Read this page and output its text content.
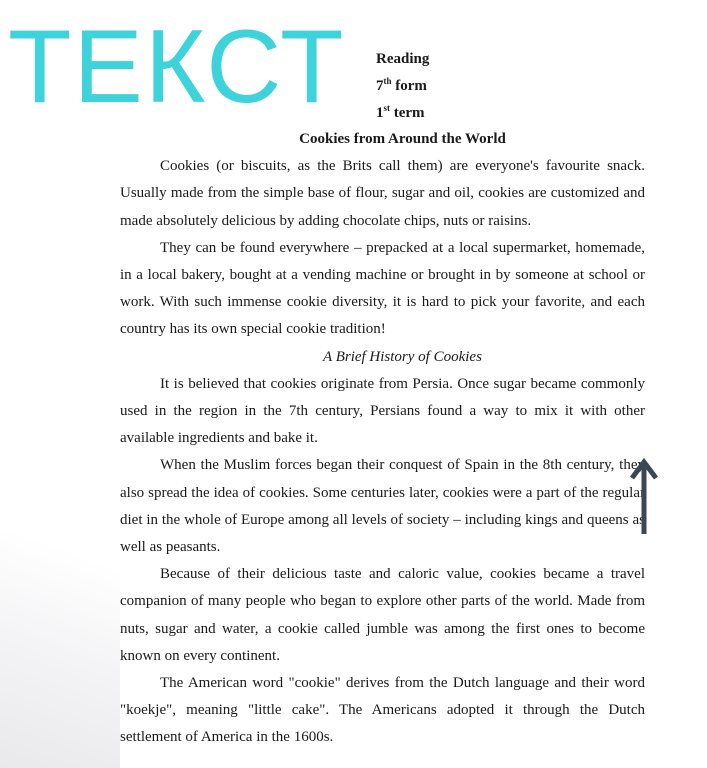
ТЕКСТ Reading
7th form
1st term

Cookies from Around the World

Cookies (or biscuits, as the Brits call them) are everyone's favourite snack. Usually made from the simple base of flour, sugar and oil, cookies are customized and made absolutely delicious by adding chocolate chips, nuts or raisins.

They can be found everywhere – prepacked at a local supermarket, homemade, in a local bakery, bought at a vending machine or brought in by someone at school or work. With such immense cookie diversity, it is hard to pick your favorite, and each country has its own special cookie tradition!

A Brief History of Cookies

It is believed that cookies originate from Persia. Once sugar became commonly used in the region in the 7th century, Persians found a way to mix it with other available ingredients and bake it.

When the Muslim forces began their conquest of Spain in the 8th century, they also spread the idea of cookies. Some centuries later, cookies were a part of the regular diet in the whole of Europe among all levels of society – including kings and queens as well as peasants.

Because of their delicious taste and caloric value, cookies became a travel companion of many people who began to explore other parts of the world. Made from nuts, sugar and water, a cookie called jumble was among the first ones to become known on every continent.

The American word "cookie" derives from the Dutch language and their word "koekje", meaning "little cake". The Americans adopted it through the Dutch settlement of America in the 1600s.
